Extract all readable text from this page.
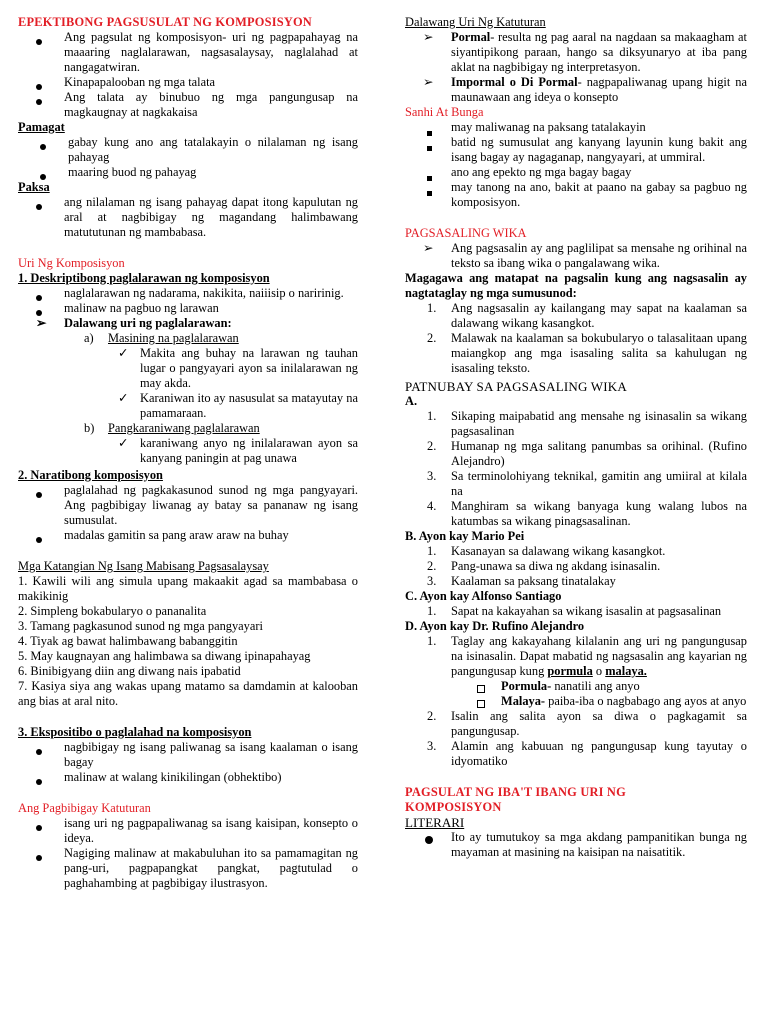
EPEKTIBONG PAGSUSULAT NG KOMPOSISYON
Ang pagsulat ng komposisyon- uri ng pagpapahayag na maaaring naglalarawan, nagsasalaysay, naglalahad at nangagatwiran.
Kinapapalooban ng mga talata
Ang talata ay binubuo ng mga pangungusap na magkaugnay at nagkakaisa
Pamagat
gabay kung ano ang tatalakayin o nilalaman ng isang pahayag
maaring buod ng pahayag
Paksa
ang nilalaman ng isang pahayag dapat itong kapulutan ng aral at nagbibigay ng magandang halimbawang matututunan ng mambabasa.
Uri Ng Komposisyon
1. Deskriptibong paglalarawan ng komposisyon
naglalarawan ng nadarama, nakikita, naiiisip o naririnig.
malinaw na pagbuo ng larawan
➢ Dalawang uri ng paglalarawan:
a) Masining na paglalarawan
✓ Makita ang buhay na larawan ng tauhan lugar o pangyayari ayon sa inilalarawan ng may akda.
✓ Karaniwan ito ay nasusulat sa matayutay na pamamaraan.
b) Pangkaraniwang paglalarawan
✓ karaniwang anyo ng inilalarawan ayon sa kanyang paningin at pag unawa
2. Naratibong komposisyon
paglalahad ng pagkakasunod sunod ng mga pangyayari. Ang pagbibigay liwanag ay batay sa pananaw ng isang sumusulat.
madalas gamitin sa pang araw araw na buhay
Mga Katangian Ng Isang Mabisang Pagsasalaysay
1. Kawili wili ang simula upang makaakit agad sa mambabasa o makikinig
2. Simpleng bokabularyo o pananalita
3. Tamang pagkasunod sunod ng mga pangyayari
4. Tiyak ag bawat halimbawang babanggitin
5. May kaugnayan ang halimbawa sa diwang ipinapahayag
6. Binibigyang diin ang diwang nais ipabatid
7. Kasiya siya ang wakas upang matamo sa damdamin at kalooban ang bias at aral nito.
3. Ekspositibo o paglalahad na komposisyon
nagbibigay ng isang paliwanag sa isang kaalaman o isang bagay
malinaw at walang kinikilingan (obhektibo)
Ang Pagbibigay Katuturan
isang uri ng pagpapaliwanag sa isang kaisipan, konsepto o ideya.
Nagiging malinaw at makabuluhan ito sa pamamagitan ng pang-uri, pagpapangkat pangkat, pagtutulad o paghahambing at pagbibigay ilustrasyon.
Dalawang Uri Ng Katuturan
➢ Pormal- resulta ng pag aaral na nagdaan sa makaagham at siyantipikong paraan, hango sa diksyunaryo at iba pang aklat na nagbibigay ng interpretasyon.
➢ Impormal o Di Pormal- nagpapaliwanag upang higit na maunawaan ang ideya o konsepto
Sanhi At Bunga
may maliwanag na paksang tatalakayin
batid ng sumusulat ang kanyang layunin kung bakit ang isang bagay ay nagaganap, nangyayari, at ummiral.
ano ang epekto ng mga bagay bagay
may tanong na ano, bakit at paano na gabay sa pagbuo ng komposisyon.
PAGSASALING WIKA
➢ Ang pagsasalin ay ang paglilipat sa mensahe ng orihinal na teksto sa ibang wika o pangalawang wika.
Magagawa ang matapat na pagsalin kung ang nagsasalin ay nagtataglay ng mga sumusunod:
1. Ang nagsasalin ay kailangang may sapat na kaalaman sa dalawang wikang kasangkot.
2. Malawak na kaalaman sa bokubularyo o talasalitaan upang maiangkop ang mga isasaling salita sa kahulugan ng isasaling teksto.
PATNUBAY SA PAGSASALING WIKA
A.
1. Sikaping maipabatid ang mensahe ng isinasalin sa wikang pagsasalinan
2. Humanap ng mga salitang panumbas sa orihinal. (Rufino Alejandro)
3. Sa terminolohiyang teknikal, gamitin ang umiiral at kilala na
4. Manghiram sa wikang banyaga kung walang lubos na katumbas sa wikang pinagsasalinan.
B. Ayon kay Mario Pei
1. Kasanayan sa dalawang wikang kasangkot.
2. Pang-unawa sa diwa ng akdang isinasalin.
3. Kaalaman sa paksang tinatalakay
C. Ayon kay Alfonso Santiago
1. Sapat na kakayahan sa wikang isasalin at pagsasalinan
D. Ayon kay Dr. Rufino Alejandro
1. Taglay ang kakayahang kilalanin ang uri ng pangungusap na isinasalin. Dapat mabatid ng nagsasalin ang kayarian ng pangungusap kung pormula o malaya.
Pormula- nanatili ang anyo
Malaya- paiba-iba o nagbabago ang ayos at anyo
2. Isalin ang salita ayon sa diwa o pagkagamit sa pangungusap.
3. Alamin ang kabuuan ng pangungusap kung tayutay o idyomatiko
PAGSULAT NG IBA'T IBANG URI NG KOMPOSISYON
LITERARI
Ito ay tumutukoy sa mga akdang pampanitikan bunga ng mayaman at masining na kaisipan na naisatitik.
